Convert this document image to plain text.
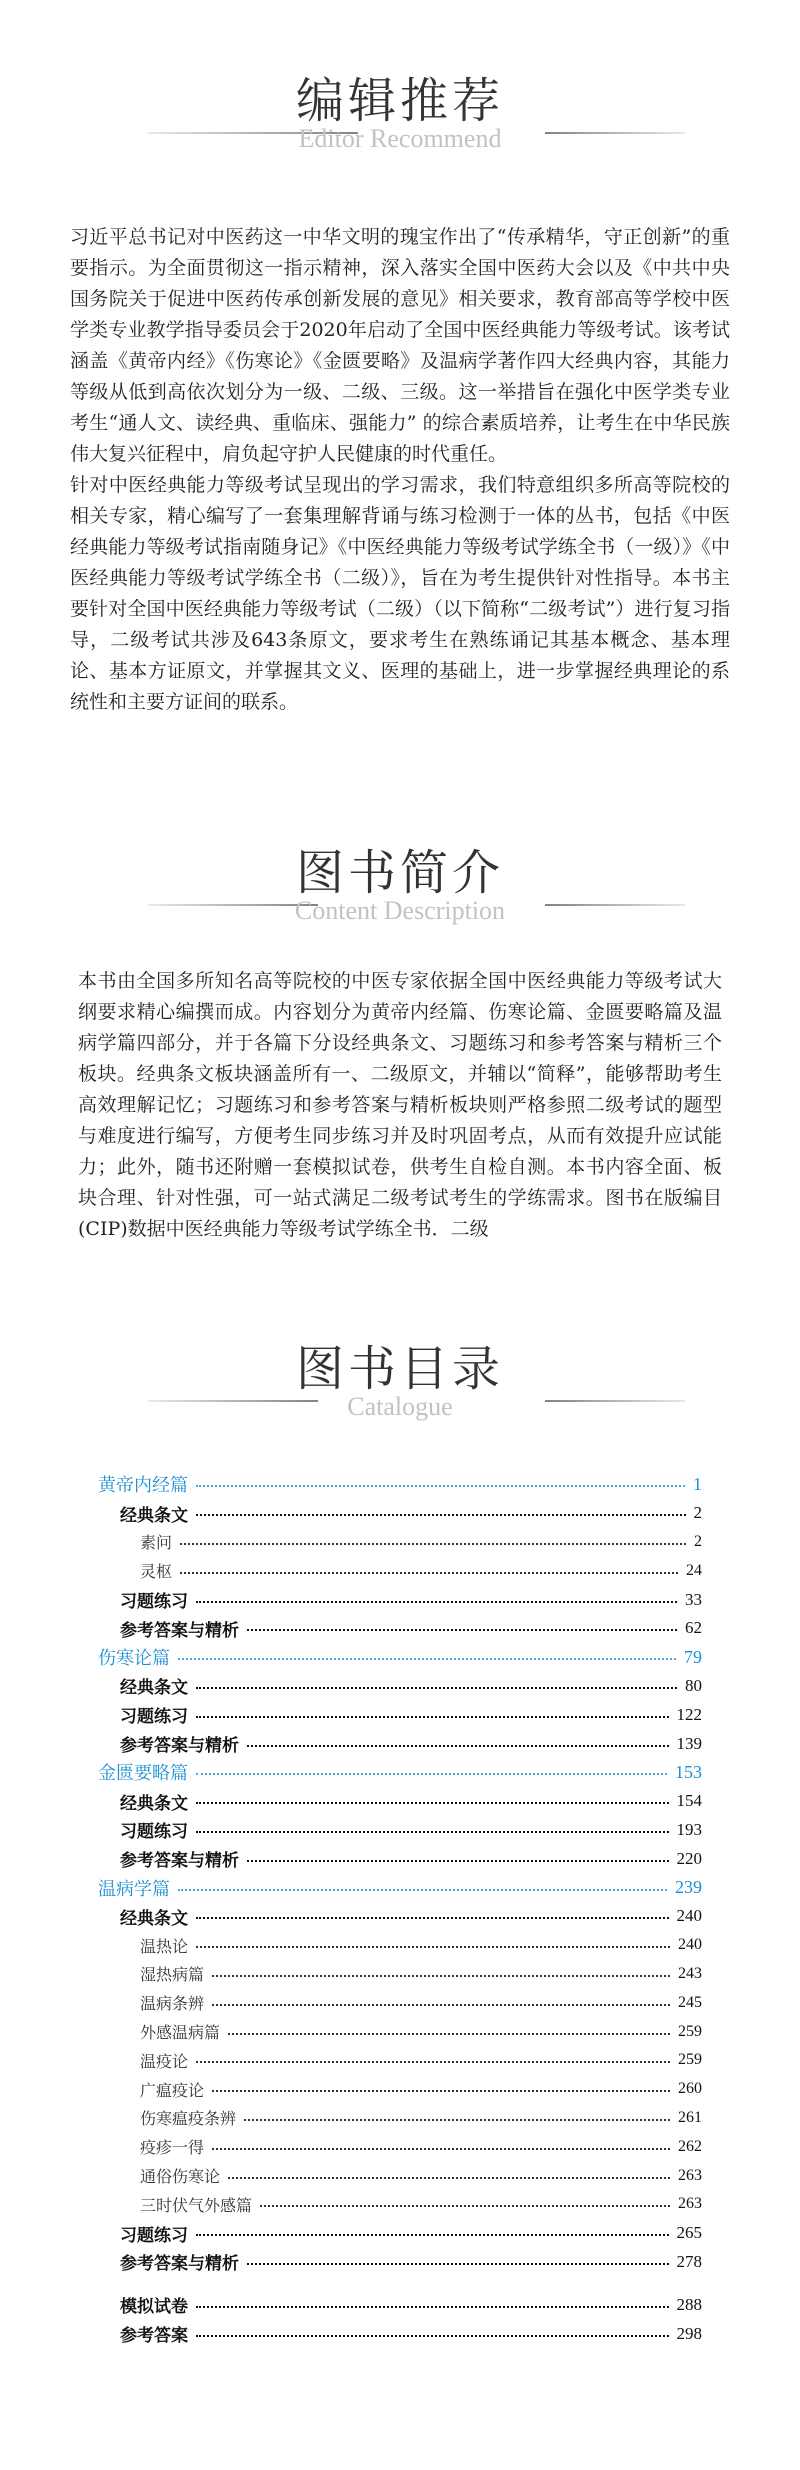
编辑推荐
Editor Recommend

习近平总书记对中医药这一中华文明的瑰宝作出了“传承精华，守正创新”的重要指示。为全面贯彻这一指示精神，深入落实全国中医药大会以及《中共中央国务院关于促进中医药传承创新发展的意见》相关要求，教育部高等学校中医学类专业教学指导委员会于2020年启动了全国中医经典能力等级考试。该考试涵盖《黄帝内经》《伤寒论》《金匮要略》及温病学著作四大经典内容，其能力等级从低到高依次划分为一级、二级、三级。这一举措旨在强化中医学类专业考生“通人文、读经典、重临床、强能力” 的综合素质培养，让考生在中华民族伟大复兴征程中，肩负起守护人民健康的时代重任。

针对中医经典能力等级考试呈现出的学习需求，我们特意组织多所高等院校的相关专家，精心编写了一套集理解背诵与练习检测于一体的丛书，包括《中医经典能力等级考试指南随身记》《中医经典能力等级考试学练全书（一级）》《中医经典能力等级考试学练全书（二级）》，旨在为考生提供针对性指导。本书主要针对全国中医经典能力等级考试（二级）（以下简称“二级考试”）进行复习指导，二级考试共涉及643条原文，要求考生在熟练诵记其基本概念、基本理论、基本方证原文，并掌握其文义、医理的基础上，进一步掌握经典理论的系统性和主要方证间的联系。

图书简介
Content Description

本书由全国多所知名高等院校的中医专家依据全国中医经典能力等级考试大纲要求精心编撰而成。内容划分为黄帝内经篇、伤寒论篇、金匮要略篇及温病学篇四部分，并于各篇下分设经典条文、习题练习和参考答案与精析三个板块。经典条文板块涵盖所有一、二级原文，并辅以“简释”，能够帮助考生高效理解记忆；习题练习和参考答案与精析板块则严格参照二级考试的题型与难度进行编写，方便考生同步练习并及时巩固考点，从而有效提升应试能力；此外，随书还附赠一套模拟试卷，供考生自检自测。本书内容全面、板块合理、针对性强，可一站式满足二级考试考生的学练需求。图书在版编目(CIP)数据中医经典能力等级考试学练全书．二级

图书目录
Catalogue
黄帝内经篇	1
经典条文	2
素问	2
灵枢	24
习题练习	33
参考答案与精析	62
伤寒论篇	79
经典条文	80
习题练习	122
参考答案与精析	139
金匮要略篇	153
经典条文	154
习题练习	193
参考答案与精析	220
温病学篇	239
经典条文	240
温热论	240
湿热病篇	243
温病条辨	245
外感温病篇	259
温疫论	259
广瘟疫论	260
伤寒瘟疫条辨	261
疫疹一得	262
通俗伤寒论	263
三时伏气外感篇	263
习题练习	265
参考答案与精析	278
模拟试卷	288
参考答案	298
